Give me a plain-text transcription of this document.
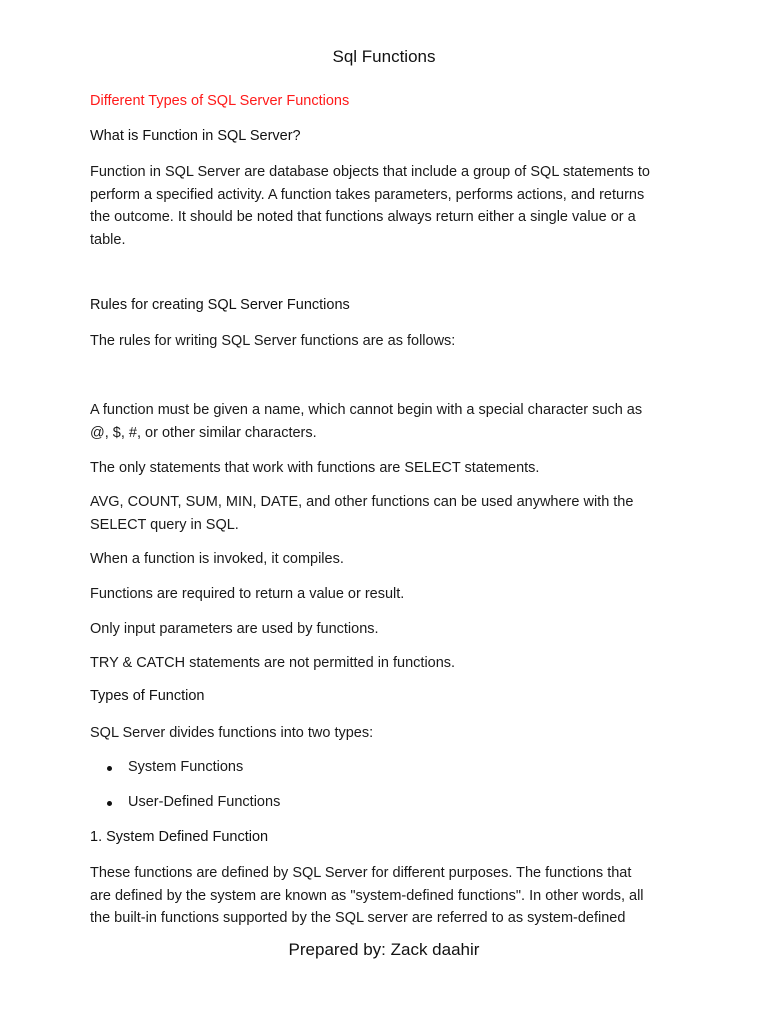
Sql Functions
Different Types of SQL Server Functions
What is Function in SQL Server?
Function in SQL Server are database objects that include a group of SQL statements to
perform a specified activity. A function takes parameters, performs actions, and returns
the outcome. It should be noted that functions always return either a single value or a
table.
Rules for creating SQL Server Functions
The rules for writing SQL Server functions are as follows:
A function must be given a name, which cannot begin with a special character such as
@, $, #, or other similar characters.
The only statements that work with functions are SELECT statements.
AVG, COUNT, SUM, MIN, DATE, and other functions can be used anywhere with the
SELECT query in SQL.
When a function is invoked, it compiles.
Functions are required to return a value or result.
Only input parameters are used by functions.
TRY & CATCH statements are not permitted in functions.
Types of Function
SQL Server divides functions into two types:
System Functions
User-Defined Functions
1. System Defined Function
These functions are defined by SQL Server for different purposes. The functions that
are defined by the system are known as "system-defined functions". In other words, all
the built-in functions supported by the SQL server are referred to as system-defined
Prepared by: Zack daahir
